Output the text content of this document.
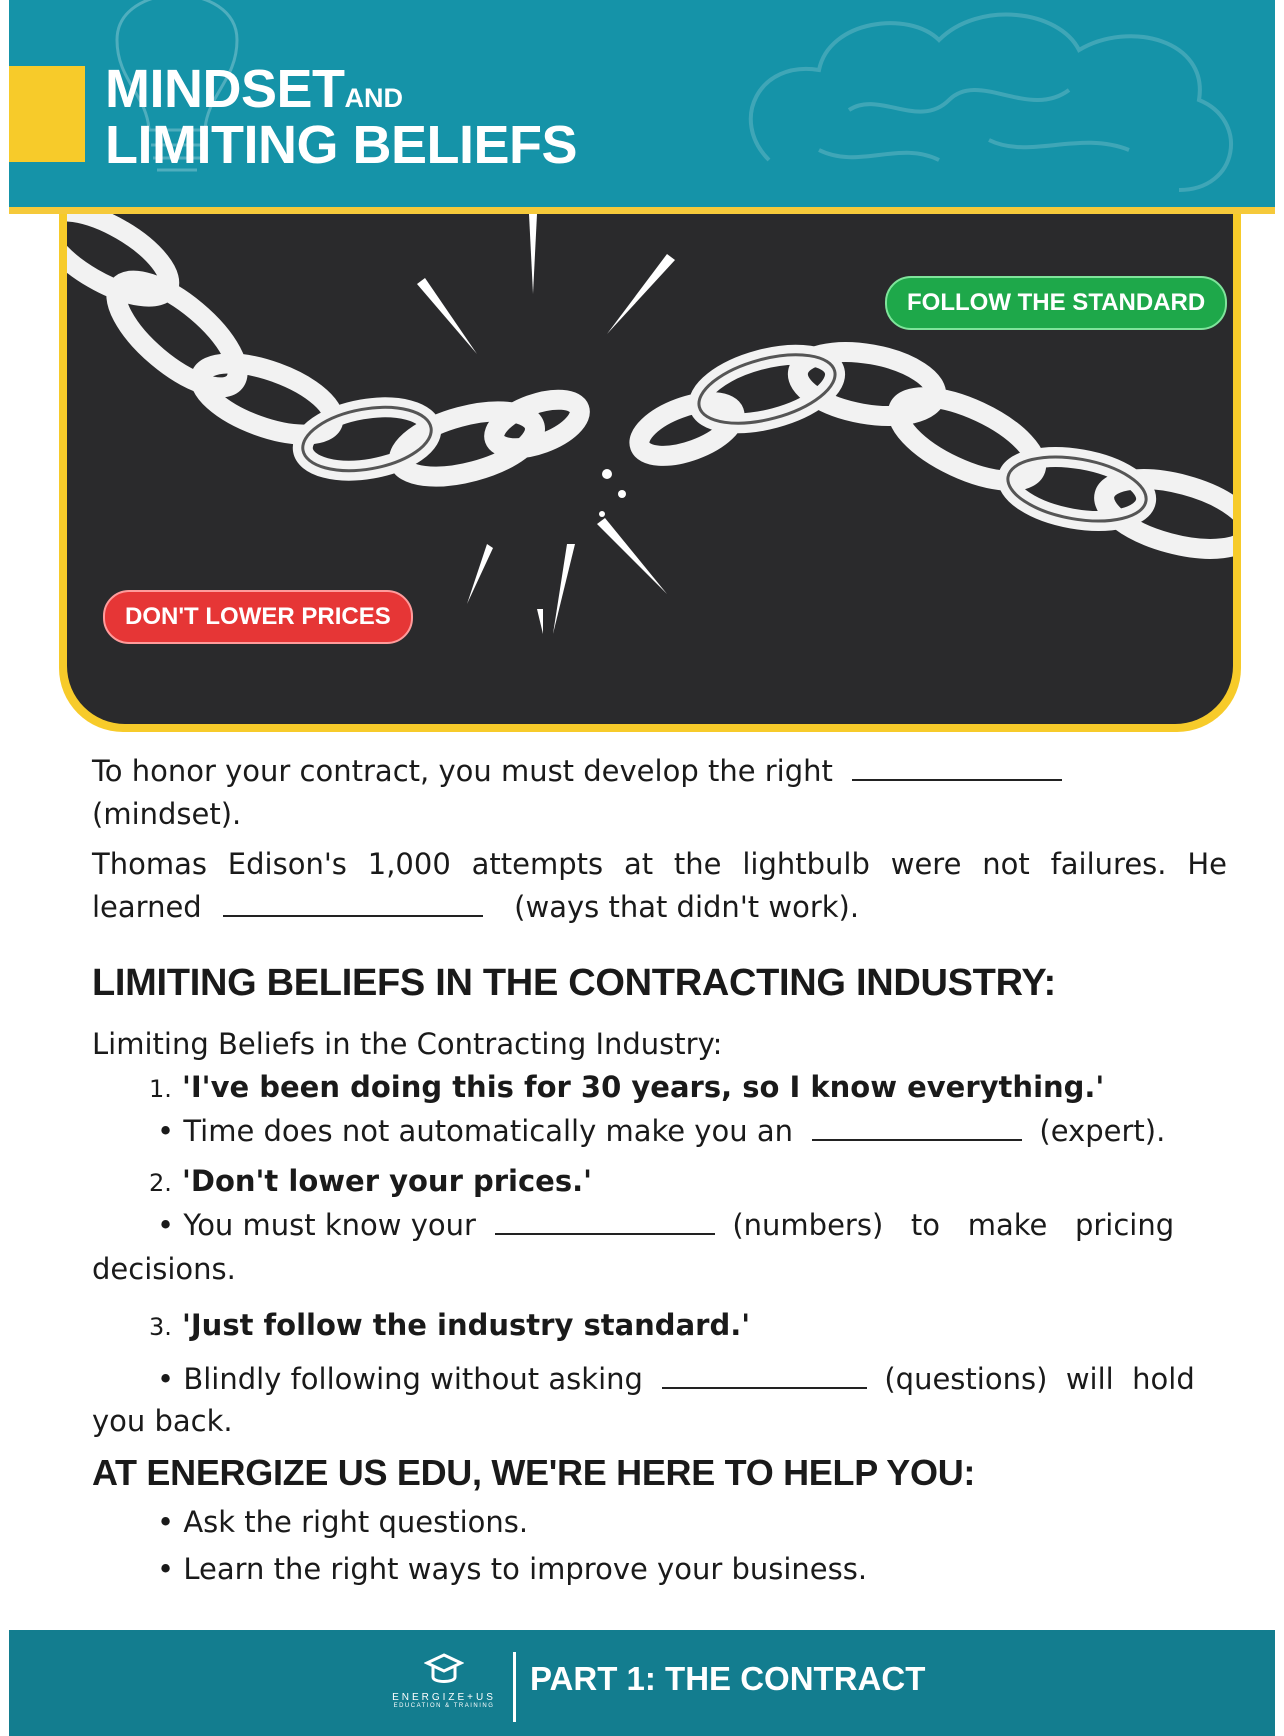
MINDSETAND
LIMITING BELIEFS
FOLLOW THE STANDARD
DON'T LOWER PRICES
To honor your contract, you must develop the right
(mindset).
Thomas Edison's 1,000 attempts at the lightbulb were not failures. He
learned	(ways that didn't work).
LIMITING BELIEFS IN THE CONTRACTING INDUSTRY:
Limiting Beliefs in the Contracting Industry:
1. 'I've been doing this for 30 years, so I know everything.'
• Time does not automatically make you an	(expert).
2. 'Don't lower your prices.'
• You must know your	(numbers)   to   make   pricing
decisions.
3. 'Just follow the industry standard.'
• Blindly following without asking	(questions)  will  hold
you back.
AT ENERGIZE US EDU, WE'RE HERE TO HELP YOU:
• Ask the right questions.
• Learn the right ways to improve your business.
ENERGIZE+US
EDUCATION & TRAINING
PART 1: THE CONTRACT
